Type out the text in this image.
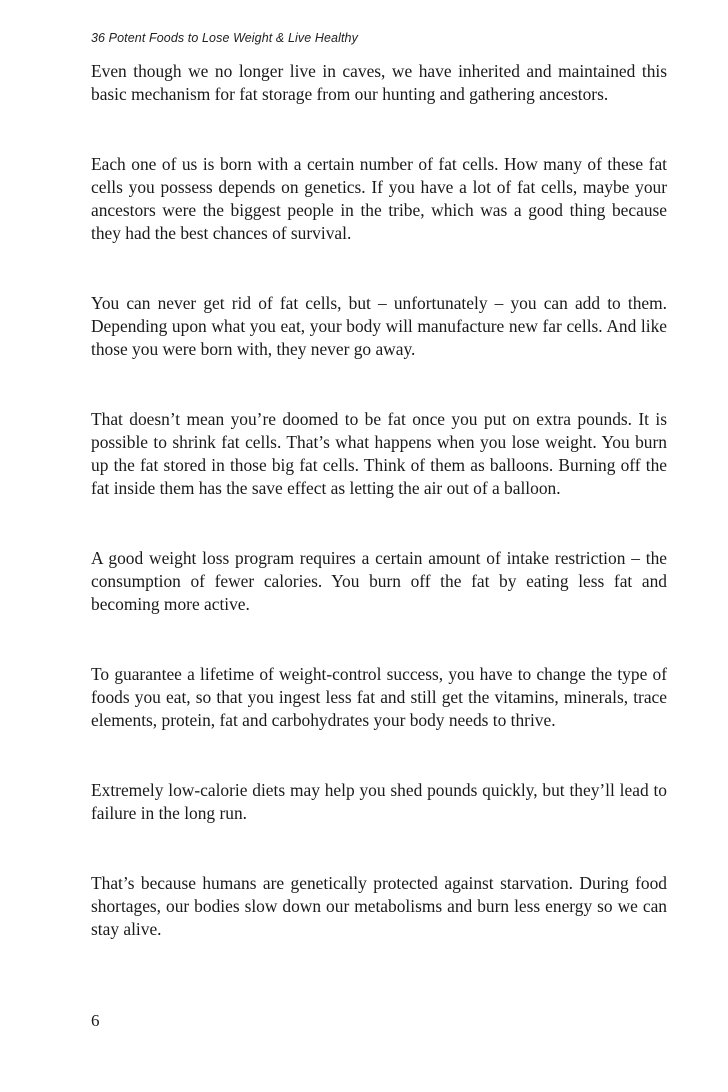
36 Potent Foods to Lose Weight & Live Healthy

Even though we no longer live in caves, we have inherited and maintained this basic mechanism for fat storage from our hunting and gathering ancestors.

Each one of us is born with a certain number of fat cells. How many of these fat cells you possess depends on genetics. If you have a lot of fat cells, maybe your ancestors were the biggest people in the tribe, which was a good thing because they had the best chances of survival.

You can never get rid of fat cells, but – unfortunately – you can add to them. Depending upon what you eat, your body will manufacture new far cells. And like those you were born with, they never go away.

That doesn’t mean you’re doomed to be fat once you put on extra pounds. It is possible to shrink fat cells. That’s what happens when you lose weight. You burn up the fat stored in those big fat cells. Think of them as balloons. Burning off the fat inside them has the save effect as letting the air out of a balloon.

A good weight loss program requires a certain amount of intake restriction – the consumption of fewer calories. You burn off the fat by eating less fat and becoming more active.

To guarantee a lifetime of weight-control success, you have to change the type of foods you eat, so that you ingest less fat and still get the vitamins, minerals, trace elements, protein, fat and carbohydrates your body needs to thrive.

Extremely low-calorie diets may help you shed pounds quickly, but they’ll lead to failure in the long run.

That’s because humans are genetically protected against starvation. During food shortages, our bodies slow down our metabolisms and burn less energy so we can stay alive.

6
